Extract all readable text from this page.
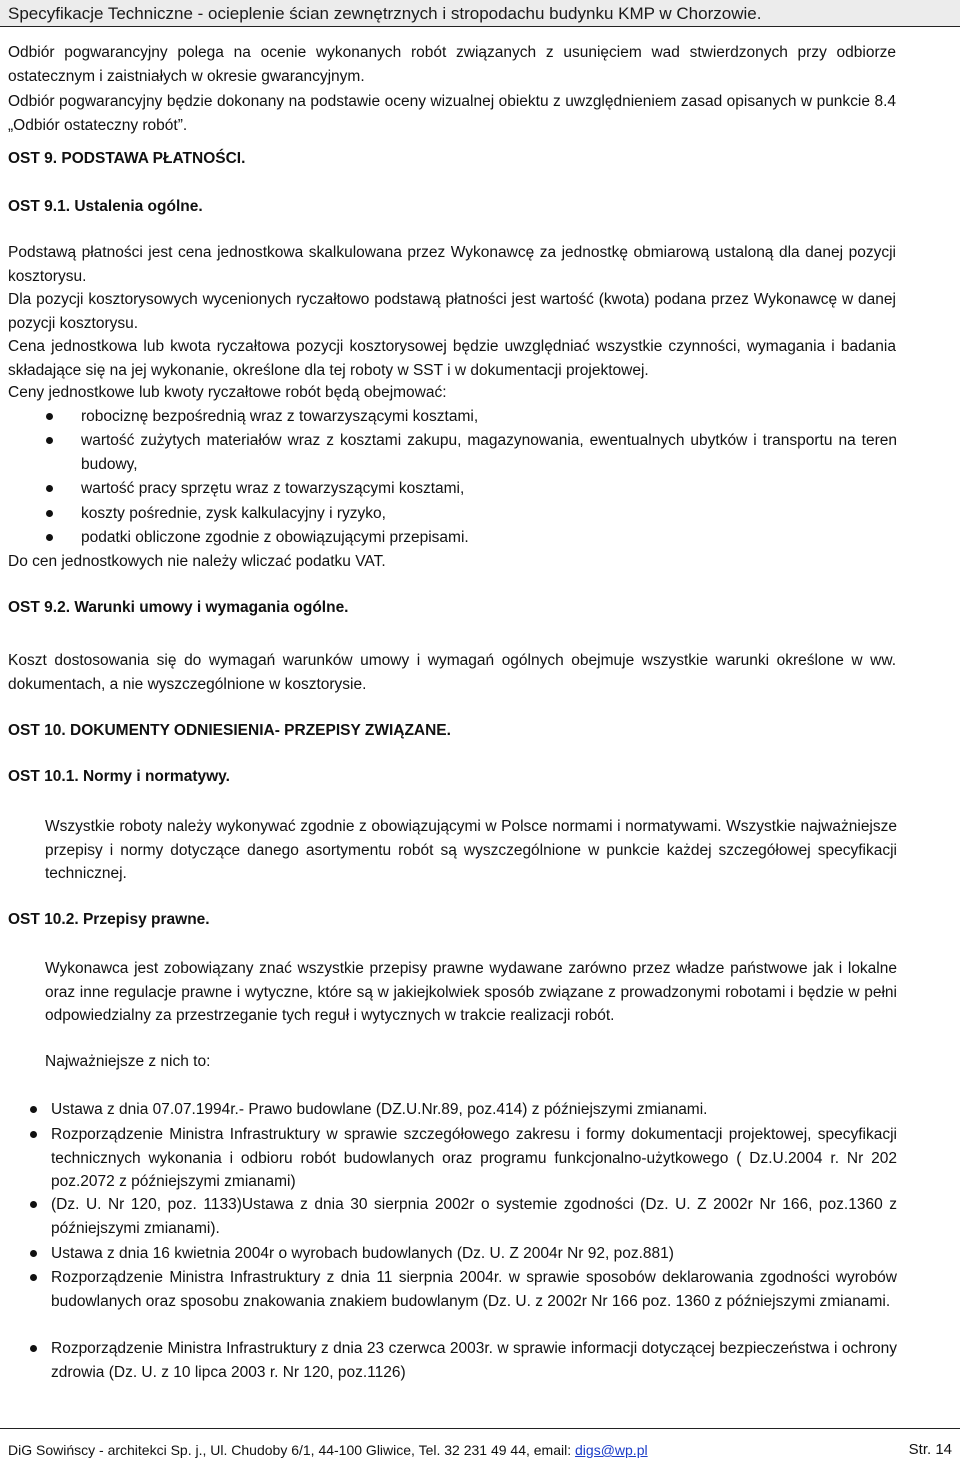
Specyfikacje Techniczne - ocieplenie ścian zewnętrznych i stropodachu budynku KMP w Chorzowie.

Odbiór pogwarancyjny polega na ocenie wykonanych robót związanych z usunięciem wad stwierdzonych przy odbiorze ostatecznym i zaistniałych w okresie gwarancyjnym.

Odbiór pogwarancyjny będzie dokonany na podstawie oceny wizualnej obiektu z uwzględnieniem zasad opisanych w punkcie 8.4 „Odbiór ostateczny robót”.

OST 9. PODSTAWA PŁATNOŚCI.

OST 9.1. Ustalenia ogólne.

Podstawą płatności jest cena jednostkowa skalkulowana przez Wykonawcę za jednostkę obmiarową ustaloną dla danej pozycji kosztorysu.

Dla pozycji kosztorysowych wycenionych ryczałtowo podstawą płatności jest wartość (kwota) podana przez Wykonawcę w danej pozycji kosztorysu.

Cena jednostkowa lub kwota ryczałtowa pozycji kosztorysowej będzie uwzględniać wszystkie czynności, wymagania i badania składające się na jej wykonanie, określone dla tej roboty w SST i w dokumentacji projektowej.

Ceny jednostkowe lub kwoty ryczałtowe robót będą obejmować:

robociznę bezpośrednią wraz z towarzyszącymi kosztami,
wartość zużytych materiałów wraz z kosztami zakupu, magazynowania, ewentualnych ubytków i transportu na teren budowy,
wartość pracy sprzętu wraz z towarzyszącymi kosztami,
koszty pośrednie, zysk kalkulacyjny i ryzyko,
podatki obliczone zgodnie z obowiązującymi przepisami.

Do cen jednostkowych nie należy wliczać podatku VAT.

OST 9.2. Warunki umowy i wymagania ogólne.

Koszt dostosowania się do wymagań warunków umowy i wymagań ogólnych obejmuje wszystkie warunki określone w ww. dokumentach, a nie wyszczególnione w kosztorysie.

OST 10. DOKUMENTY ODNIESIENIA- PRZEPISY ZWIĄZANE.

OST 10.1. Normy i normatywy.

Wszystkie roboty należy wykonywać zgodnie z obowiązującymi w Polsce normami i normatywami. Wszystkie najważniejsze przepisy i normy dotyczące danego asortymentu robót są wyszczególnione w punkcie każdej szczegółowej specyfikacji technicznej.

OST 10.2. Przepisy prawne.

Wykonawca jest zobowiązany znać wszystkie przepisy prawne wydawane zarówno przez władze państwowe jak i lokalne oraz inne regulacje prawne i wytyczne, które są w jakiejkolwiek sposób związane z prowadzonymi robotami i będzie w pełni odpowiedzialny za przestrzeganie tych reguł i wytycznych w trakcie realizacji robót.

Najważniejsze z nich to:

Ustawa z dnia 07.07.1994r.- Prawo budowlane (DZ.U.Nr.89, poz.414) z późniejszymi zmianami.
Rozporządzenie Ministra Infrastruktury w sprawie szczegółowego zakresu i formy dokumentacji projektowej, specyfikacji technicznych wykonania i odbioru robót budowlanych oraz programu funkcjonalno-użytkowego ( Dz.U.2004 r. Nr 202 poz.2072 z późniejszymi zmianami)
(Dz. U. Nr 120, poz. 1133)Ustawa z dnia 30 sierpnia 2002r o systemie zgodności (Dz. U. Z 2002r Nr 166, poz.1360 z późniejszymi zmianami).
Ustawa z dnia 16 kwietnia 2004r o wyrobach budowlanych (Dz. U. Z 2004r Nr 92, poz.881)
Rozporządzenie Ministra Infrastruktury z dnia 11 sierpnia 2004r. w sprawie sposobów deklarowania zgodności wyrobów budowlanych oraz sposobu znakowania znakiem budowlanym (Dz. U. z 2002r Nr 166 poz. 1360 z późniejszymi zmianami.
Rozporządzenie Ministra Infrastruktury z dnia 23 czerwca 2003r. w sprawie informacji dotyczącej bezpieczeństwa i ochrony zdrowia (Dz. U. z 10 lipca 2003 r. Nr 120, poz.1126)
DiG Sowińscy - architekci Sp. j., Ul. Chudoby 6/1, 44-100 Gliwice, Tel. 32 231 49 44, email: digs@wp.pl	Str. 14
